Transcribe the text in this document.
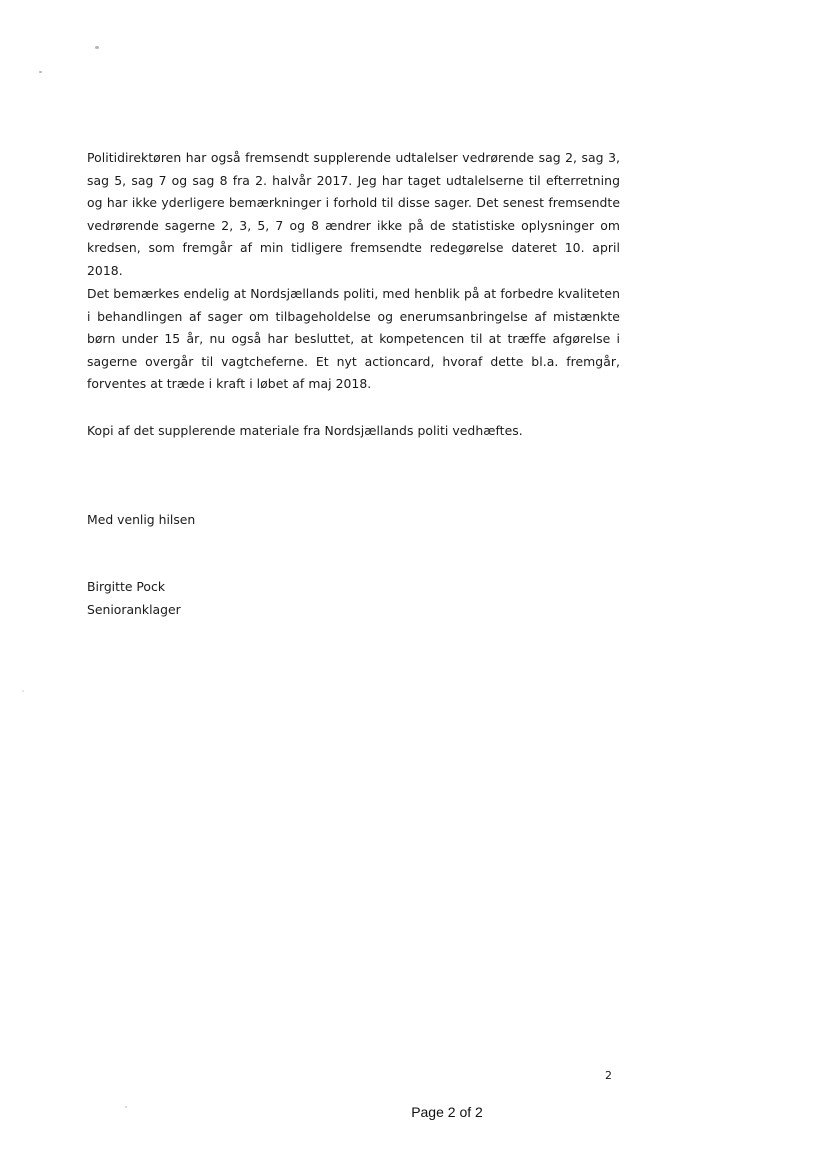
Politidirektøren har også fremsendt supplerende udtalelser vedrørende sag 2, sag 3, sag 5, sag 7 og sag 8 fra 2. halvår 2017. Jeg har taget udtalelserne til efterretning og har ikke yderligere bemærkninger i forhold til disse sager. Det senest fremsendte vedrørende sagerne 2, 3, 5, 7 og 8 ændrer ikke på de statistiske oplysninger om kredsen, som fremgår af min tidligere fremsendte redegørelse dateret 10. april 2018.

Det bemærkes endelig at Nordsjællands politi, med henblik på at forbedre kvaliteten i behandlingen af sager om tilbageholdelse og enerumsanbringelse af mistænkte børn under 15 år, nu også har besluttet, at kompetencen til at træffe afgørelse i sagerne overgår til vagtcheferne. Et nyt actioncard, hvoraf dette bl.a. fremgår, forventes at træde i kraft i løbet af maj 2018.

Kopi af det supplerende materiale fra Nordsjællands politi vedhæftes.

Med venlig hilsen

Birgitte Pock
Senioranklager

2

Page 2 of 2
